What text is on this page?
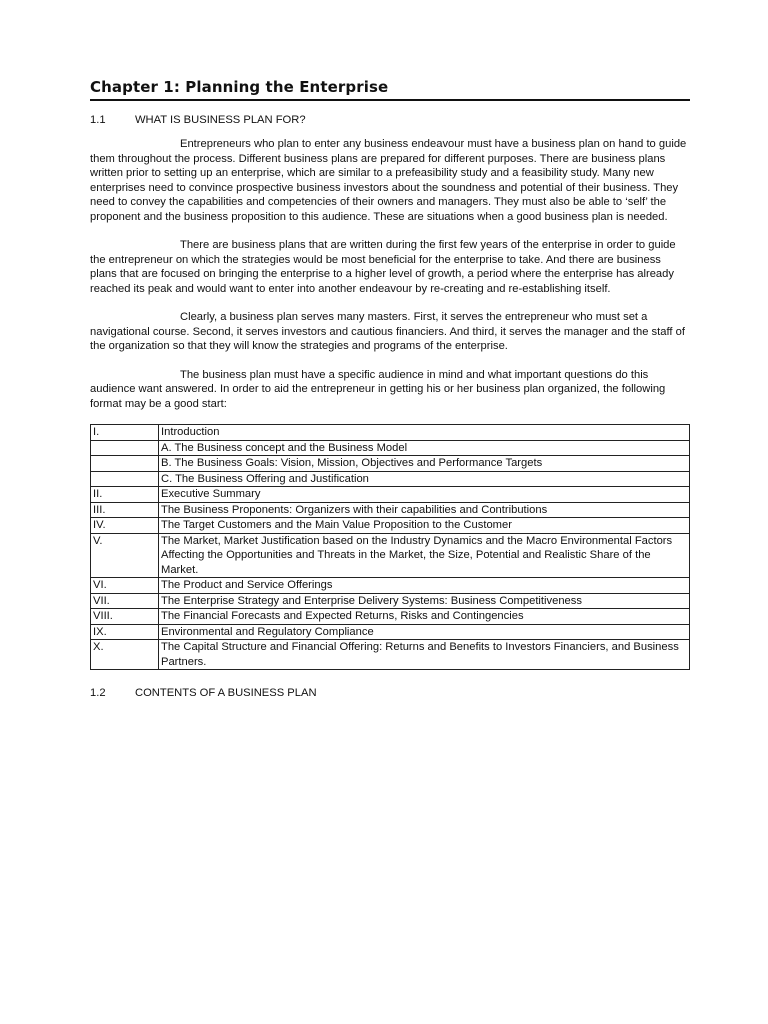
Chapter 1: Planning the Enterprise
1.1	WHAT IS BUSINESS PLAN FOR?

Entrepreneurs who plan to enter any business endeavour must have a business plan on hand to guide them throughout the process. Different business plans are prepared for different purposes. There are business plans written prior to setting up an enterprise, which are similar to a prefeasibility study and a feasibility study. Many new enterprises need to convince prospective business investors about the soundness and potential of their business. They need to convey the capabilities and competencies of their owners and managers. They must also be able to ‘self’ the proponent and the business proposition to this audience. These are situations when a good business plan is needed.

There are business plans that are written during the first few years of the enterprise in order to guide the entrepreneur on which the strategies would be most beneficial for the enterprise to take. And there are business plans that are focused on bringing the enterprise to a higher level of growth, a period where the enterprise has already reached its peak and would want to enter into another endeavour by re-creating and re-establishing itself.

Clearly, a business plan serves many masters. First, it serves the entrepreneur who must set a navigational course. Second, it serves investors and cautious financiers. And third, it serves the manager and the staff of the organization so that they will know the strategies and programs of the enterprise.

The business plan must have a specific audience in mind and what important questions do this audience want answered. In order to aid the entrepreneur in getting his or her business plan organized, the following format may be a good start:

I.	Introduction
	A. The Business concept and the Business Model
	B. The Business Goals: Vision, Mission, Objectives and Performance Targets
	C. The Business Offering and Justification
II.	Executive Summary
III.	The Business Proponents: Organizers with their capabilities and Contributions
IV.	The Target Customers and the Main Value Proposition to the Customer
V.	The Market, Market Justification based on the Industry Dynamics and the Macro Environmental Factors Affecting the Opportunities and Threats in the Market, the Size, Potential and Realistic Share of the Market.
VI.	The Product and Service Offerings
VII.	The Enterprise Strategy and Enterprise Delivery Systems: Business Competitiveness
VIII.	The Financial Forecasts and Expected Returns, Risks and Contingencies
IX.	Environmental and Regulatory Compliance
X.	The Capital Structure and Financial Offering: Returns and Benefits to Investors Financiers, and Business Partners.
1.2	CONTENTS OF A BUSINESS PLAN
